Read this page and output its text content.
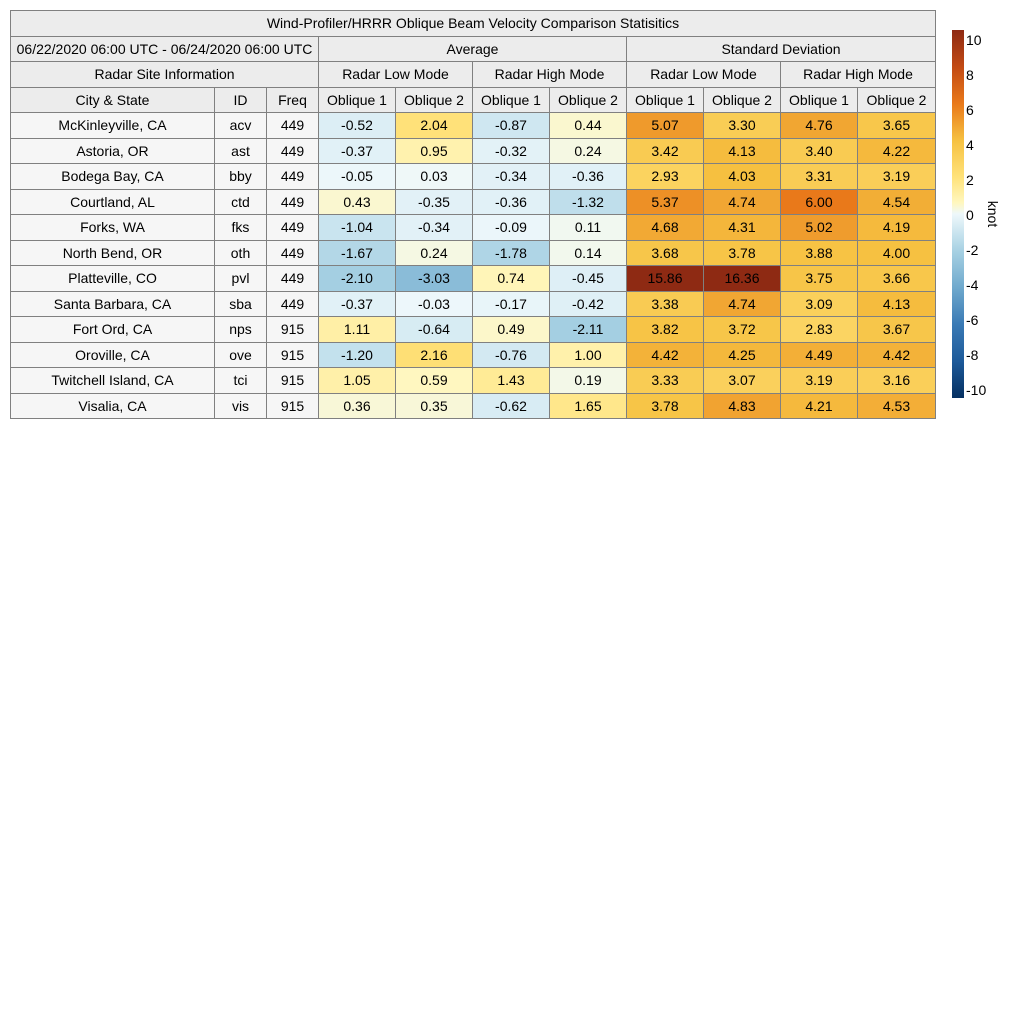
Wind-Profiler/HRRR Oblique Beam Velocity Comparison Statisitics										
06/22/2020 06:00 UTC - 06/24/2020 06:00 UTC			Average				Standard Deviation			
Radar Site Information			Radar Low Mode		Radar High Mode		Radar Low Mode		Radar High Mode	
City & State	ID	Freq	Oblique 1	Oblique 2	Oblique 1	Oblique 2	Oblique 1	Oblique 2	Oblique 1	Oblique 2
McKinleyville, CA	acv	449	-0.52	2.04	-0.87	0.44	5.07	3.30	4.76	3.65
Astoria, OR	ast	449	-0.37	0.95	-0.32	0.24	3.42	4.13	3.40	4.22
Bodega Bay, CA	bby	449	-0.05	0.03	-0.34	-0.36	2.93	4.03	3.31	3.19
Courtland, AL	ctd	449	0.43	-0.35	-0.36	-1.32	5.37	4.74	6.00	4.54
Forks, WA	fks	449	-1.04	-0.34	-0.09	0.11	4.68	4.31	5.02	4.19
North Bend, OR	oth	449	-1.67	0.24	-1.78	0.14	3.68	3.78	3.88	4.00
Platteville, CO	pvl	449	-2.10	-3.03	0.74	-0.45	15.86	16.36	3.75	3.66
Santa Barbara, CA	sba	449	-0.37	-0.03	-0.17	-0.42	3.38	4.74	3.09	4.13
Fort Ord, CA	nps	915	1.11	-0.64	0.49	-2.11	3.82	3.72	2.83	3.67
Oroville, CA	ove	915	-1.20	2.16	-0.76	1.00	4.42	4.25	4.49	4.42
Twitchell Island, CA	tci	915	1.05	0.59	1.43	0.19	3.33	3.07	3.19	3.16
Visalia, CA	vis	915	0.36	0.35	-0.62	1.65	3.78	4.83	4.21	4.53
10
8
6
4
2
0
-2
-4
-6
-8
-10
knot
